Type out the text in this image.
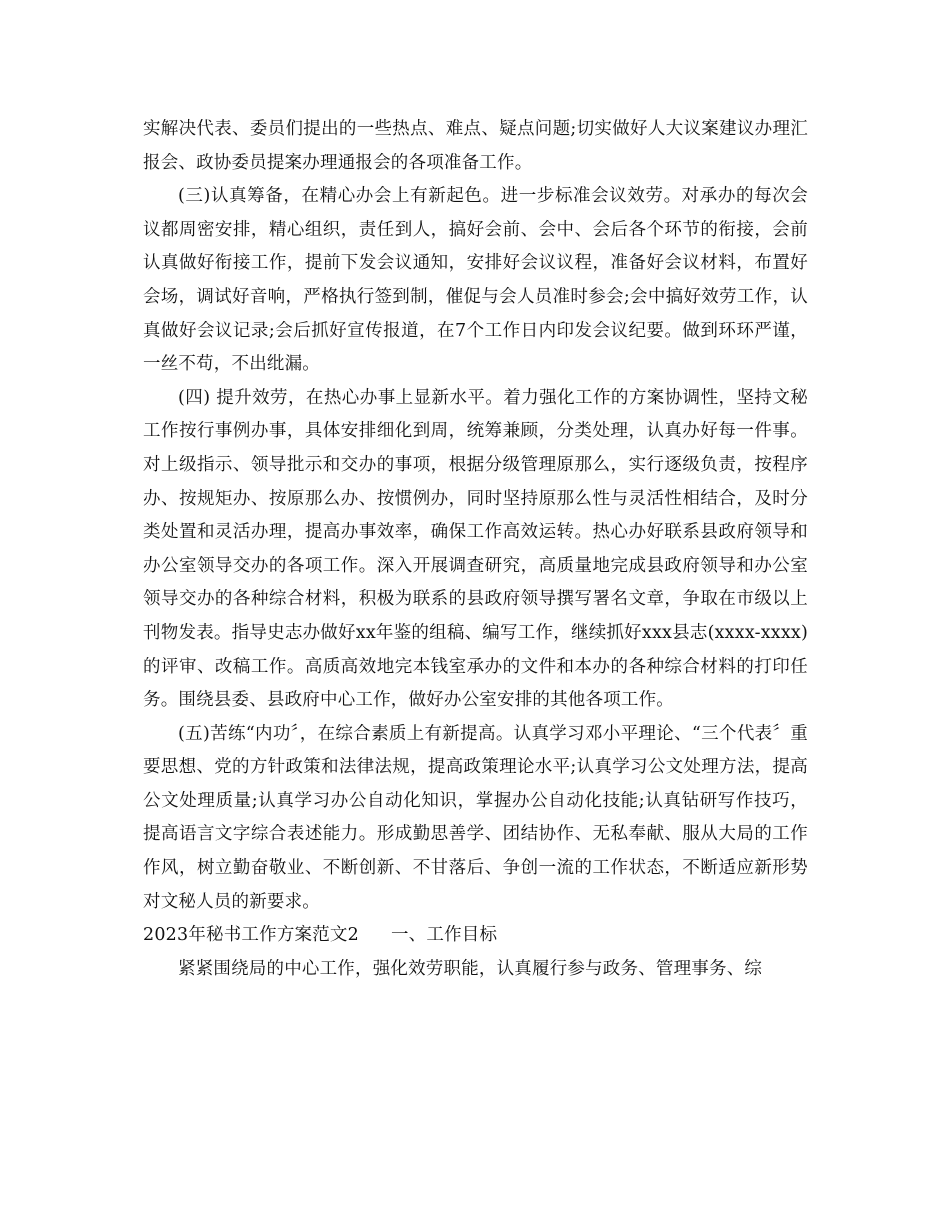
实解决代表、委员们提出的一些热点、难点、疑点问题;切实做好人大议案建议办理汇报会、政协委员提案办理通报会的各项准备工作。

(三)认真筹备，在精心办会上有新起色。进一步标准会议效劳。对承办的每次会议都周密安排，精心组织，责任到人，搞好会前、会中、会后各个环节的衔接，会前认真做好衔接工作，提前下发会议通知，安排好会议议程，准备好会议材料，布置好会场，调试好音响，严格执行签到制，催促与会人员准时参会;会中搞好效劳工作，认真做好会议记录;会后抓好宣传报道，在7个工作日内印发会议纪要。做到环环严谨，一丝不苟，不出纰漏。

(四) 提升效劳，在热心办事上显新水平。着力强化工作的方案协调性，坚持文秘工作按行事例办事，具体安排细化到周，统筹兼顾，分类处理，认真办好每一件事。对上级指示、领导批示和交办的事项，根据分级管理原那么，实行逐级负责，按程序办、按规矩办、按原那么办、按惯例办，同时坚持原那么性与灵活性相结合，及时分类处置和灵活办理，提高办事效率，确保工作高效运转。热心办好联系县政府领导和办公室领导交办的各项工作。深入开展调查研究，高质量地完成县政府领导和办公室领导交办的各种综合材料，积极为联系的县政府领导撰写署名文章，争取在市级以上刊物发表。指导史志办做好xx年鉴的组稿、编写工作，继续抓好xxx县志(xxxx-xxxx)的评审、改稿工作。高质高效地完本钱室承办的文件和本办的各种综合材料的打印任务。围绕县委、县政府中心工作，做好办公室安排的其他各项工作。

(五)苦练“内功〞，在综合素质上有新提高。认真学习邓小平理论、“三个代表〞重要思想、党的方针政策和法律法规，提高政策理论水平;认真学习公文处理方法，提高公文处理质量;认真学习办公自动化知识，掌握办公自动化技能;认真钻研写作技巧，提高语言文字综合表述能力。形成勤思善学、团结协作、无私奉献、服从大局的工作作风，树立勤奋敬业、不断创新、不甘落后、争创一流的工作状态，不断适应新形势对文秘人员的新要求。

2023年秘书工作方案范文2 一、工作目标

紧紧围绕局的中心工作，强化效劳职能，认真履行参与政务、管理事务、综
